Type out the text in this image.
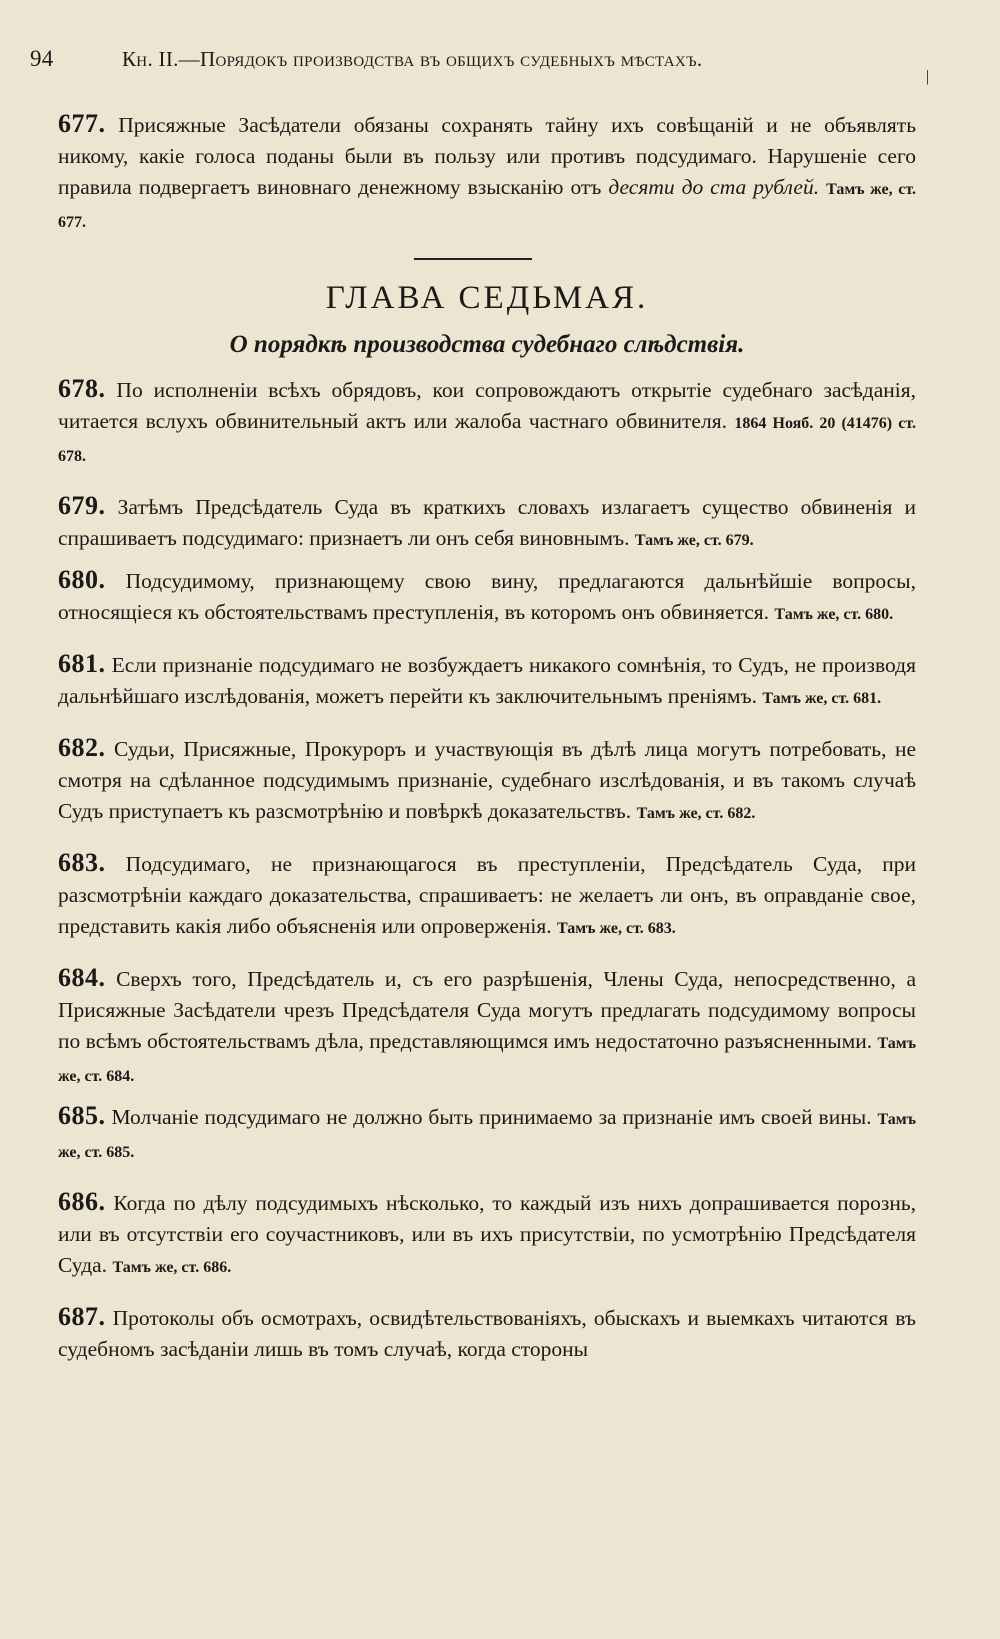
94	Кн. II.—Порядокъ производства въ общихъ судебныхъ мѣстахъ.
|

677. Присяжные Засѣдатели обязаны сохранять тайну ихъ совѣщаній и не объявлять никому, какіе голоса поданы были въ пользу или противъ подсудимаго. Нарушеніе сего правила подвергаетъ виновнаго денежному взысканію отъ десяти до ста рублей. Тамъ же, ст. 677.

ГЛАВА СЕДЬМАЯ.
О порядкѣ производства судебнаго слѣдствія.

678. По исполненіи всѣхъ обрядовъ, кои сопровождаютъ открытіе судебнаго засѣданія, читается вслухъ обвинительный актъ или жалоба частнаго обвинителя. 1864 Нояб. 20 (41476) ст. 678.

679. Затѣмъ Предсѣдатель Суда въ краткихъ словахъ излагаетъ существо обвиненія и спрашиваетъ подсудимаго: признаетъ ли онъ себя виновнымъ. Тамъ же, ст. 679.

680. Подсудимому, признающему свою вину, предлагаются дальнѣйшіе вопросы, относящіеся къ обстоятельствамъ преступленія, въ которомъ онъ обвиняется. Тамъ же, ст. 680.

681. Если признаніе подсудимаго не возбуждаетъ никакого сомнѣнія, то Судъ, не производя дальнѣйшаго изслѣдованія, можетъ перейти къ заключительнымъ преніямъ. Тамъ же, ст. 681.

682. Судьи, Присяжные, Прокуроръ и участвующія въ дѣлѣ лица могутъ потребовать, не смотря на сдѣланное подсудимымъ признаніе, судебнаго изслѣдованія, и въ такомъ случаѣ Судъ приступаетъ къ разсмотрѣнію и повѣркѣ доказательствъ. Тамъ же, ст. 682.

683. Подсудимаго, не признающагося въ преступленіи, Предсѣдатель Суда, при разсмотрѣніи каждаго доказательства, спрашиваетъ: не желаетъ ли онъ, въ оправданіе свое, представить какія либо объясненія или опроверженія. Тамъ же, ст. 683.

684. Сверхъ того, Предсѣдатель и, съ его разрѣшенія, Члены Суда, непосредственно, а Присяжные Засѣдатели чрезъ Предсѣдателя Суда могутъ предлагать подсудимому вопросы по всѣмъ обстоятельствамъ дѣла, представляющимся имъ недостаточно разъясненными. Тамъ же, ст. 684.

685. Молчаніе подсудимаго не должно быть принимаемо за признаніе имъ своей вины. Тамъ же, ст. 685.

686. Когда по дѣлу подсудимыхъ нѣсколько, то каждый изъ нихъ допрашивается порознь, или въ отсутствіи его соучастниковъ, или въ ихъ присутствіи, по усмотрѣнію Предсѣдателя Суда. Тамъ же, ст. 686.

687. Протоколы объ осмотрахъ, освидѣтельствованіяхъ, обыскахъ и выемкахъ читаются въ судебномъ засѣданіи лишь въ томъ случаѣ, когда стороны
